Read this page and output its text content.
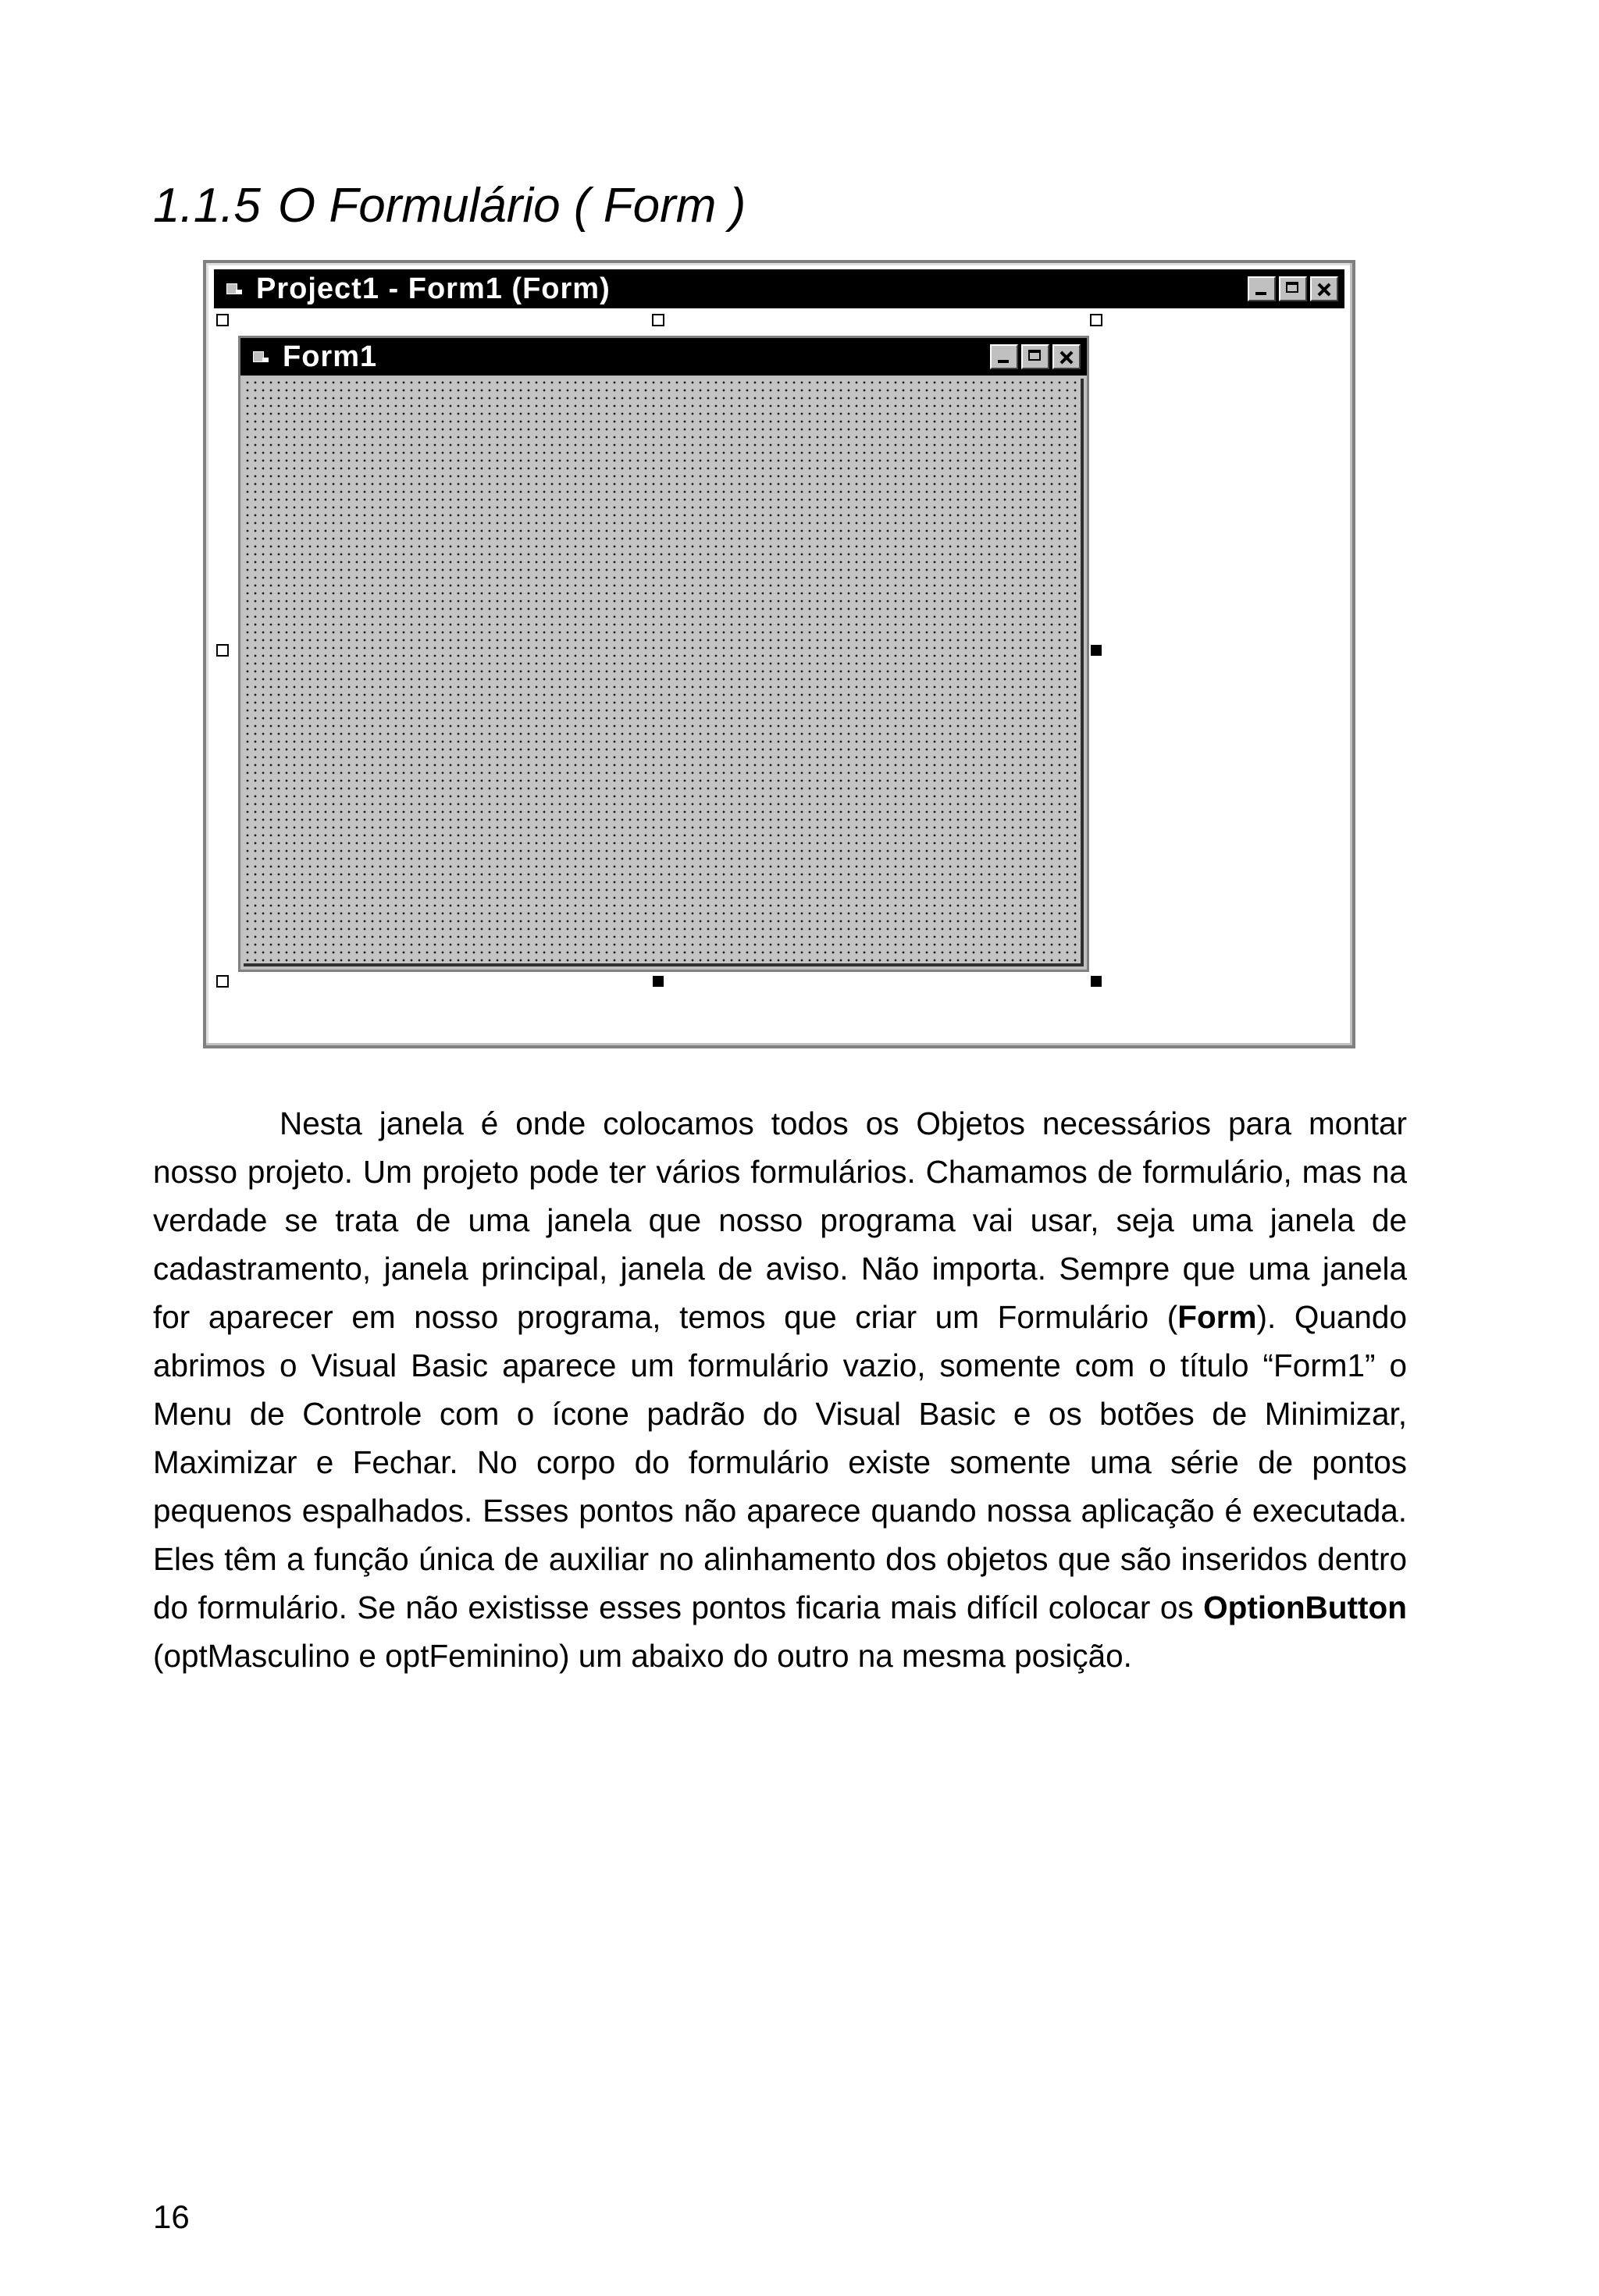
1.1.5 O Formulário ( Form )
Project1 - Form1 (Form)
Form1

Nesta janela é onde colocamos todos os Objetos necessários para montar nosso projeto. Um projeto pode ter vários formulários. Chamamos de formulário, mas na verdade se trata de uma janela que nosso programa vai usar, seja uma janela de cadastramento, janela principal, janela de aviso. Não importa. Sempre que uma janela for aparecer em nosso programa, temos que criar um Formulário (Form). Quando abrimos o Visual Basic aparece um formulário vazio, somente com o título “Form1” o Menu de Controle com o ícone padrão do Visual Basic e os botões de Minimizar, Maximizar e Fechar. No corpo do formulário existe somente uma série de pontos pequenos espalhados. Esses pontos não aparece quando nossa aplicação é executada. Eles têm a função única de auxiliar no alinhamento dos objetos que são inseridos dentro do formulário. Se não existisse esses pontos ficaria mais difícil colocar os OptionButton (optMasculino e optFeminino) um abaixo do outro na mesma posição.

16
